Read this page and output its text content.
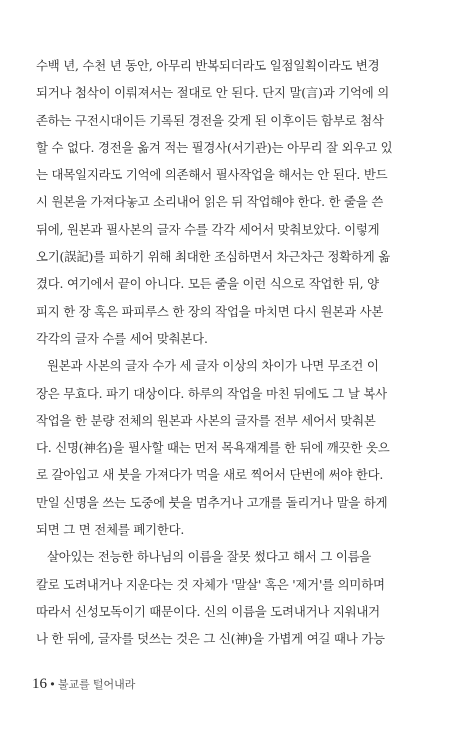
수백 년, 수천 년 동안, 아무리 반복되더라도 일점일획이라도 변경
되거나 첨삭이 이뤄져서는 절대로 안 된다. 단지 말(言)과 기억에 의
존하는 구전시대이든 기록된 경전을 갖게 된 이후이든 함부로 첨삭
할 수 없다. 경전을 옮겨 적는 필경사(서기관)는 아무리 잘 외우고 있
는 대목일지라도 기억에 의존해서 필사작업을 해서는 안 된다. 반드
시 원본을 가져다놓고 소리내어 읽은 뒤 작업해야 한다. 한 줄을 쓴
뒤에, 원본과 필사본의 글자 수를 각각 세어서 맞춰보았다. 이렇게
오기(誤記)를 피하기 위해 최대한 조심하면서 차근차근 정확하게 옮
겼다. 여기에서 끝이 아니다. 모든 줄을 이런 식으로 작업한 뒤, 양
피지 한 장 혹은 파피루스 한 장의 작업을 마치면 다시 원본과 사본
각각의 글자 수를 세어 맞춰본다.
원본과 사본의 글자 수가 세 글자 이상의 차이가 나면 무조건 이
장은 무효다. 파기 대상이다. 하루의 작업을 마친 뒤에도 그 날 복사
작업을 한 분량 전체의 원본과 사본의 글자를 전부 세어서 맞춰본
다. 신명(神名)을 필사할 때는 먼저 목욕재계를 한 뒤에 깨끗한 옷으
로 갈아입고 새 붓을 가져다가 먹을 새로 찍어서 단번에 써야 한다.
만일 신명을 쓰는 도중에 붓을 멈추거나 고개를 돌리거나 말을 하게
되면 그 면 전체를 폐기한다.
살아있는 전능한 하나님의 이름을 잘못 썼다고 해서 그 이름을
칼로 도려내거나 지운다는 것 자체가 '말살' 혹은 '제거'를 의미하며
따라서 신성모독이기 때문이다. 신의 이름을 도려내거나 지워내거
나 한 뒤에, 글자를 덧쓰는 것은 그 신(神)을 가볍게 여길 때나 가능
16 • 불교를 털어내라
